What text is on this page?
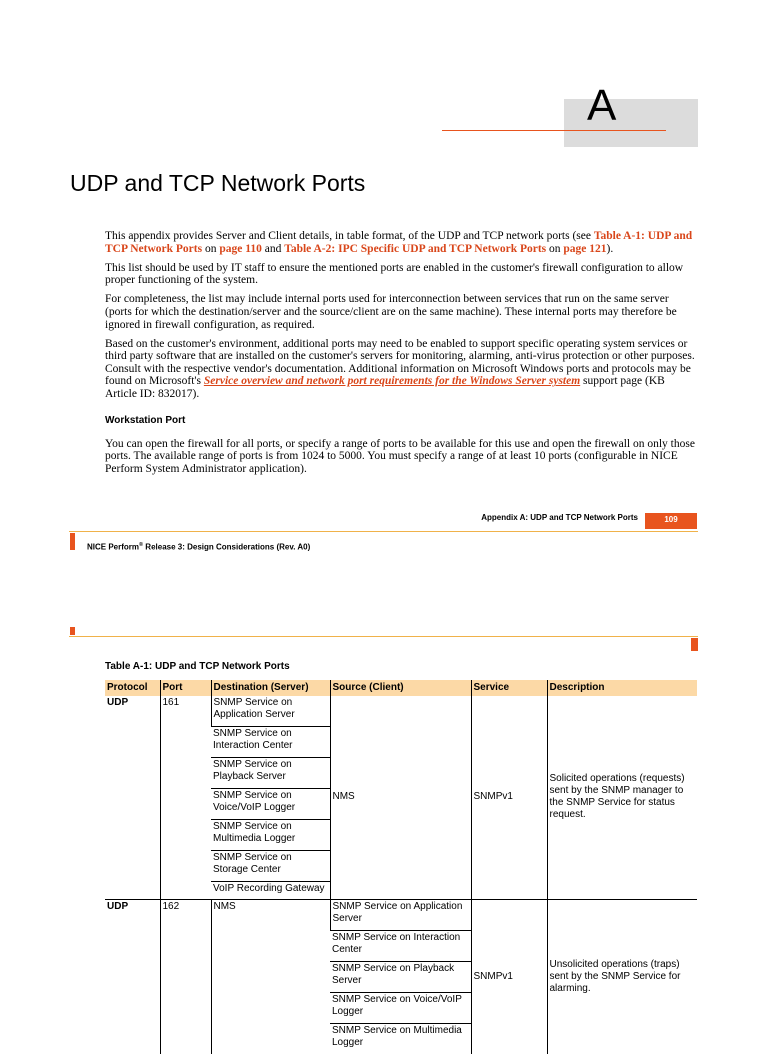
A
UDP and TCP Network Ports

This appendix provides Server and Client details, in table format, of the UDP and TCP network ports (see Table A-1: UDP and TCP Network Ports on page 110 and Table A-2: IPC Specific UDP and TCP Network Ports on page 121).

This list should be used by IT staff to ensure the mentioned ports are enabled in the customer's firewall configuration to allow proper functioning of the system.

For completeness, the list may include internal ports used for interconnection between services that run on the same server (ports for which the destination/server and the source/client are on the same machine). These internal ports may therefore be ignored in firewall configuration, as required.

Based on the customer's environment, additional ports may need to be enabled to support specific operating system services or third party software that are installed on the customer's servers for monitoring, alarming, anti-virus protection or other purposes. Consult with the respective vendor's documentation. Additional information on Microsoft Windows ports and protocols may be found on Microsoft's Service overview and network port requirements for the Windows Server system support page (KB Article ID: 832017).

Workstation Port

You can open the firewall for all ports, or specify a range of ports to be available for this use and open the firewall on only those ports. The available range of ports is from 1024 to 5000. You must specify a range of at least 10 ports (configurable in NICE Perform System Administrator application).

Appendix A: UDP and TCP Network Ports	109
NICE Perform® Release 3: Design Considerations (Rev. A0)
Table A-1: UDP and TCP Network Ports
Protocol	Port	Destination (Server)	Source (Client)	Service	Description
UDP	161	SNMP Service on Application Server	NMS	SNMPv1	Solicited operations (requests) sent by the SNMP manager to the SNMP Service for status request.
		SNMP Service on Interaction Center			
		SNMP Service on Playback Server			
		SNMP Service on Voice/VoIP Logger			
		SNMP Service on Multimedia Logger			
		SNMP Service on Storage Center			
		VoIP Recording Gateway			
UDP	162	NMS	SNMP Service on Application Server	SNMPv1	Unsolicited operations (traps) sent by the SNMP Service for alarming.
			SNMP Service on Interaction Center		
			SNMP Service on Playback Server		
			SNMP Service on Voice/VoIP Logger		
			SNMP Service on Multimedia Logger		
